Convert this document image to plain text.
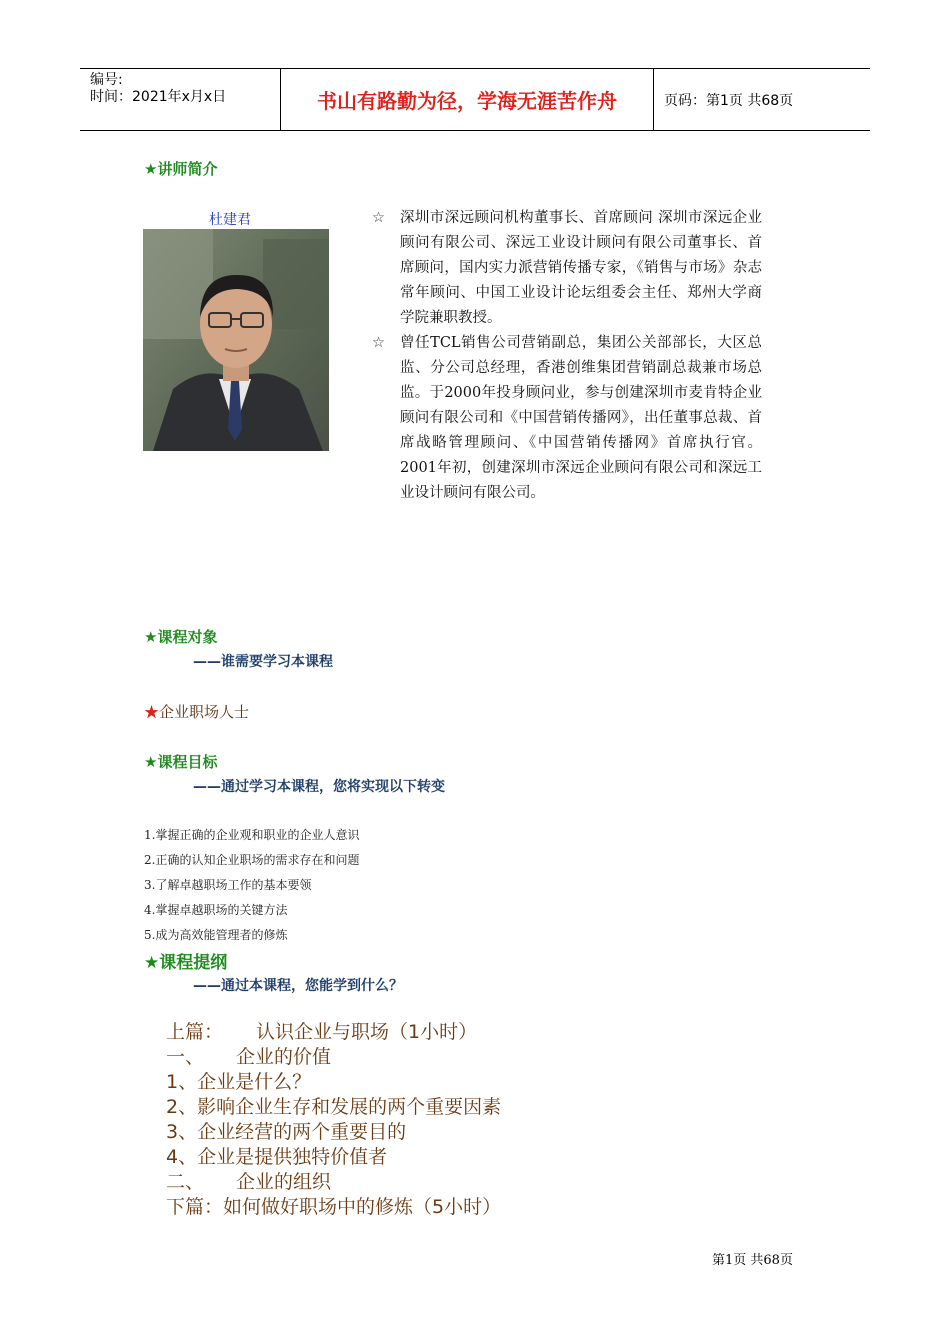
编号:
时间：2021年x月x日	书山有路勤为径，学海无涯苦作舟	页码：第1页 共68页
★讲师简介
杜建君	☆	深圳市深远顾问机构董事长、首席顾问 深圳市深远企业顾问有限公司、深远工业设计顾问有限公司董事长、首席顾问，国内实力派营销传播专家，《销售与市场》杂志常年顾问、中国工业设计论坛组委会主任、郑州大学商学院兼职教授。
☆	曾任TCL销售公司营销副总，集团公关部部长，大区总监、分公司总经理，香港创维集团营销副总裁兼市场总监。于2000年投身顾问业，参与创建深圳市麦肯特企业顾问有限公司和《中国营销传播网》，出任董事总裁、首席战略管理顾问、《中国营销传播网》首席执行官。2001年初，创建深圳市深远企业顾问有限公司和深远工业设计顾问有限公司。
★课程对象
——谁需要学习本课程
★企业职场人士
★课程目标
——通过学习本课程，您将实现以下转变
1.掌握正确的企业观和职业的企业人意识
2.正确的认知企业职场的需求存在和问题
3.了解卓越职场工作的基本要领
4.掌握卓越职场的关键方法
5.成为高效能管理者的修炼
★课程提纲
——通过本课程，您能学到什么？
上篇： 认识企业与职场（1小时）
一、 企业的价值
1、企业是什么？
2、影响企业生存和发展的两个重要因素
3、企业经营的两个重要目的
4、企业是提供独特价值者
二、 企业的组织
下篇：如何做好职场中的修炼（5小时）
第1页 共68页
